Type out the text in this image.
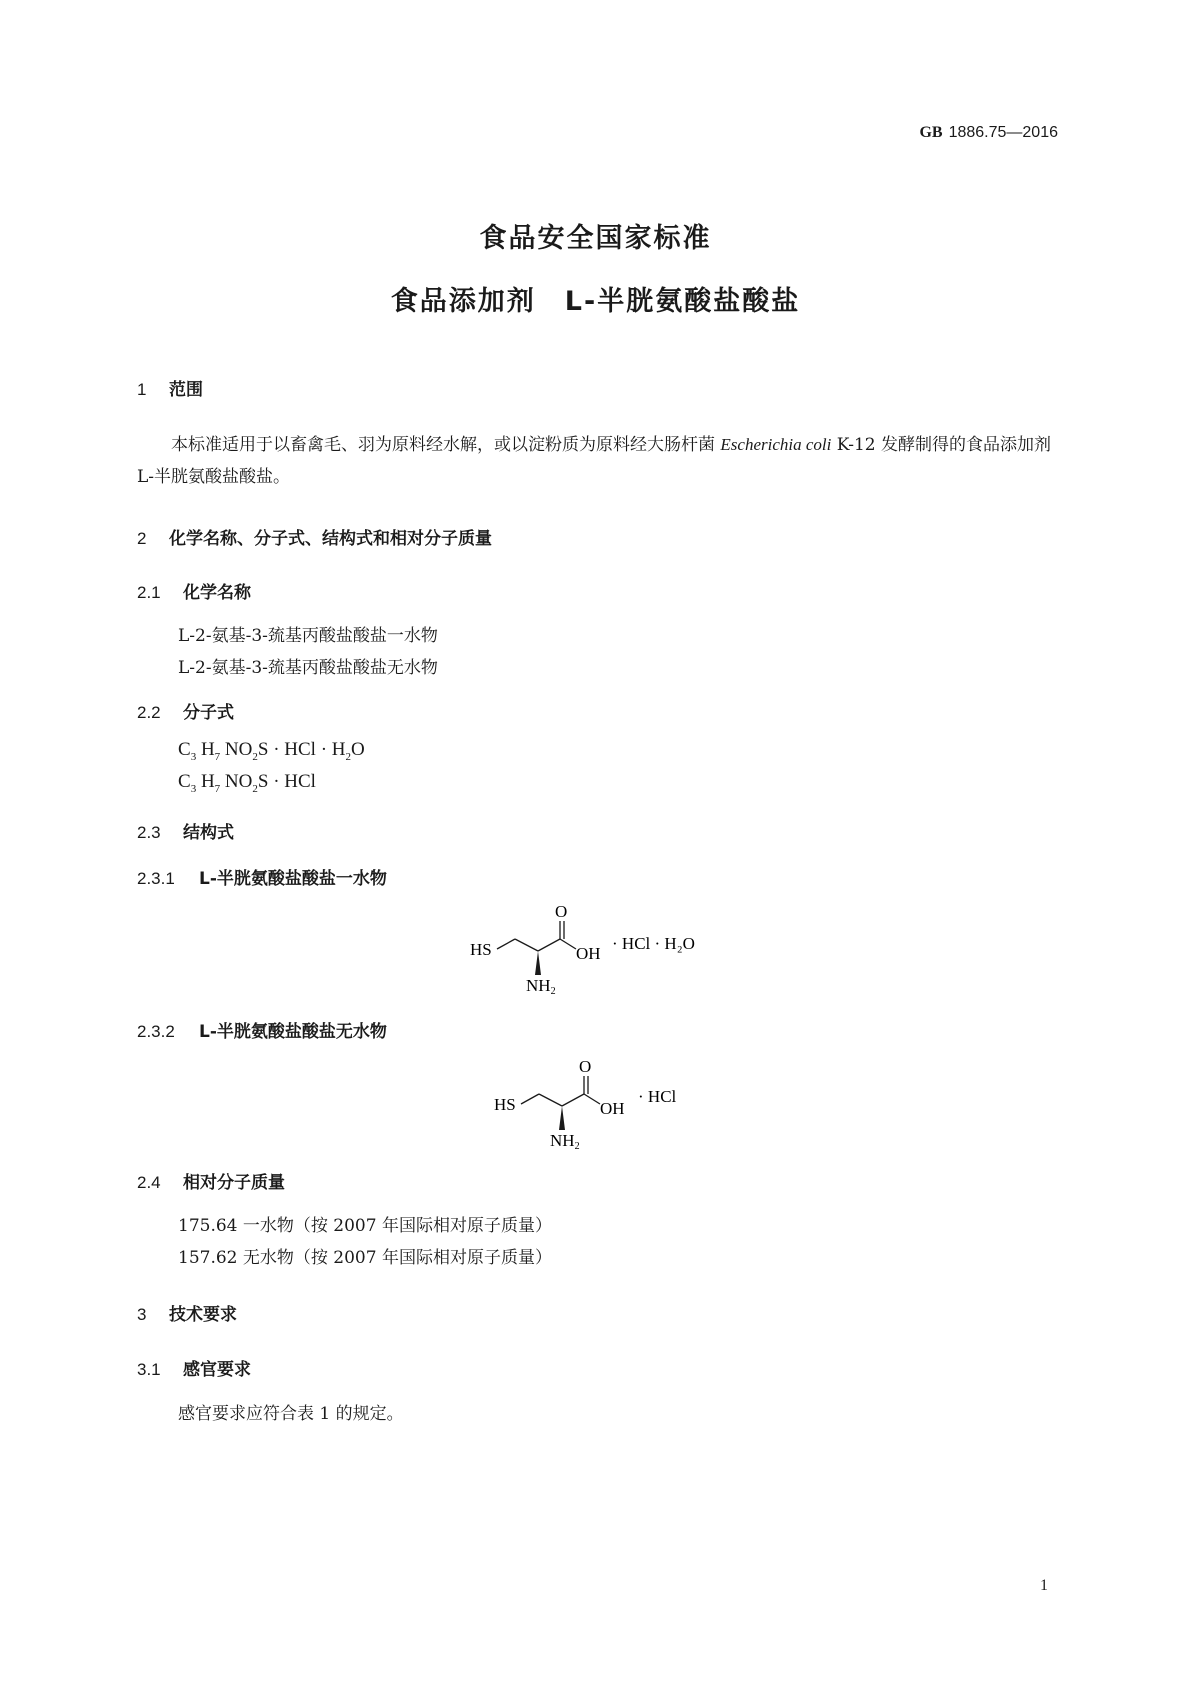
GB 1886.75—2016
食品安全国家标准
食品添加剂　L-半胱氨酸盐酸盐
1 范围
本标准适用于以畜禽毛、羽为原料经水解，或以淀粉质为原料经大肠杆菌 Escherichia coli K-12 发酵制得的食品添加剂 L-半胱氨酸盐酸盐。
2 化学名称、分子式、结构式和相对分子质量
2.1 化学名称
L-2-氨基-3-巯基丙酸盐酸盐一水物
L-2-氨基-3-巯基丙酸盐酸盐无水物
2.2 分子式
$C_3$ $H_7$ $NO_2S$ · HCl · $H_2O$
$C_3$ $H_7$ $NO_2S$ · HCl
2.3 结构式
2.3.1 L-半胱氨酸盐酸盐一水物
HS
O
OH
NH2
· HCl · H₂O
2.3.2 L-半胱氨酸盐酸盐无水物
HS
O
OH
NH2
· HCl
2.4 相对分子质量
175.64 一水物（按 2007 年国际相对原子质量）
157.62 无水物（按 2007 年国际相对原子质量）
3 技术要求
3.1 感官要求
感官要求应符合表 1 的规定。
1
